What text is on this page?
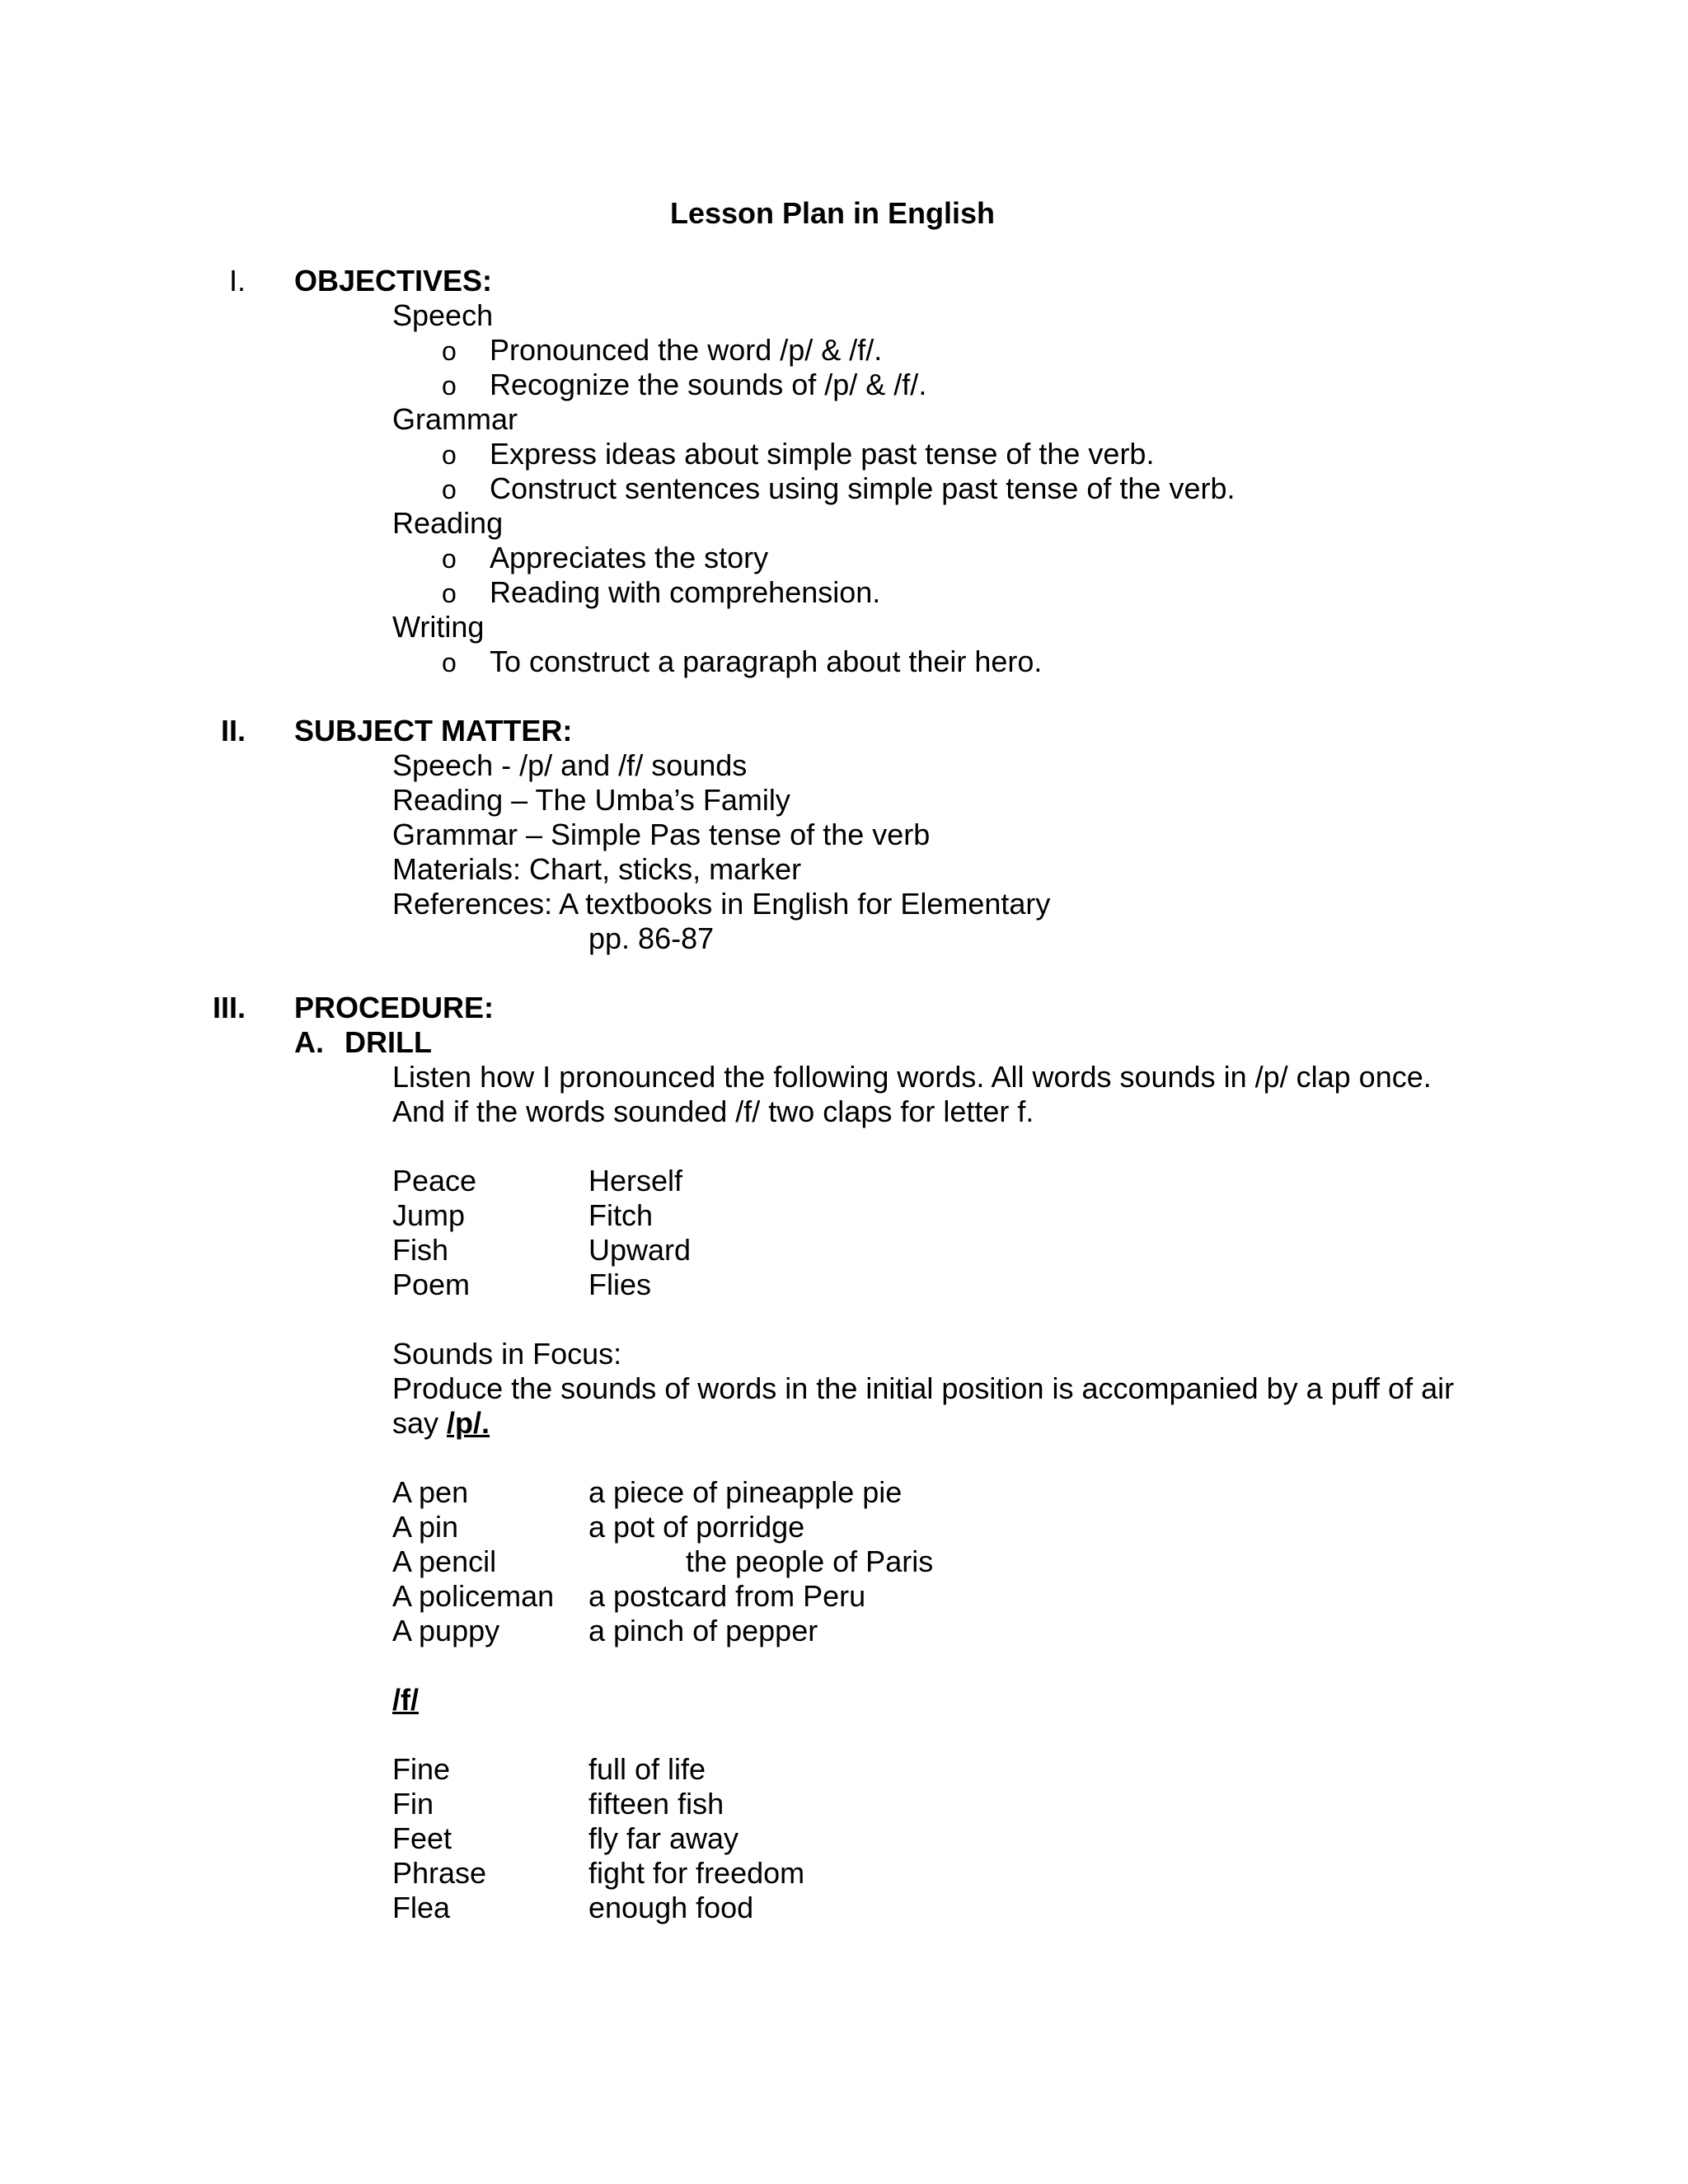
Lesson Plan in English
I. OBJECTIVES:
Speech
o Pronounced the word /p/ & /f/.
o Recognize the sounds of /p/ & /f/.
Grammar
o Express ideas about simple past tense of the verb.
o Construct sentences using simple past tense of the verb.
Reading
o Appreciates the story
o Reading with comprehension.
Writing
o To construct a paragraph about their hero.
II. SUBJECT MATTER:
Speech - /p/ and /f/ sounds
Reading – The Umba’s Family
Grammar – Simple Pas tense of the verb
Materials: Chart, sticks, marker
References: A textbooks in English for Elementary
pp. 86-87
III. PROCEDURE:
A. DRILL
Listen how I pronounced the following words. All words sounds in /p/ clap once.
And if the words sounded /f/ two claps for letter f.
Peace	Herself
Jump	Fitch
Fish	Upward
Poem	Flies
Sounds in Focus:
Produce the sounds of words in the initial position is accompanied by a puff of air
say /p/.
A pen	a piece of pineapple pie
A pin	a pot of porridge
A pencil	the people of Paris
A policeman a postcard from Peru
A puppy	a pinch of pepper
/f/
Fine	full of life
Fin	fifteen fish
Feet	fly far away
Phrase	fight for freedom
Flea	enough food
